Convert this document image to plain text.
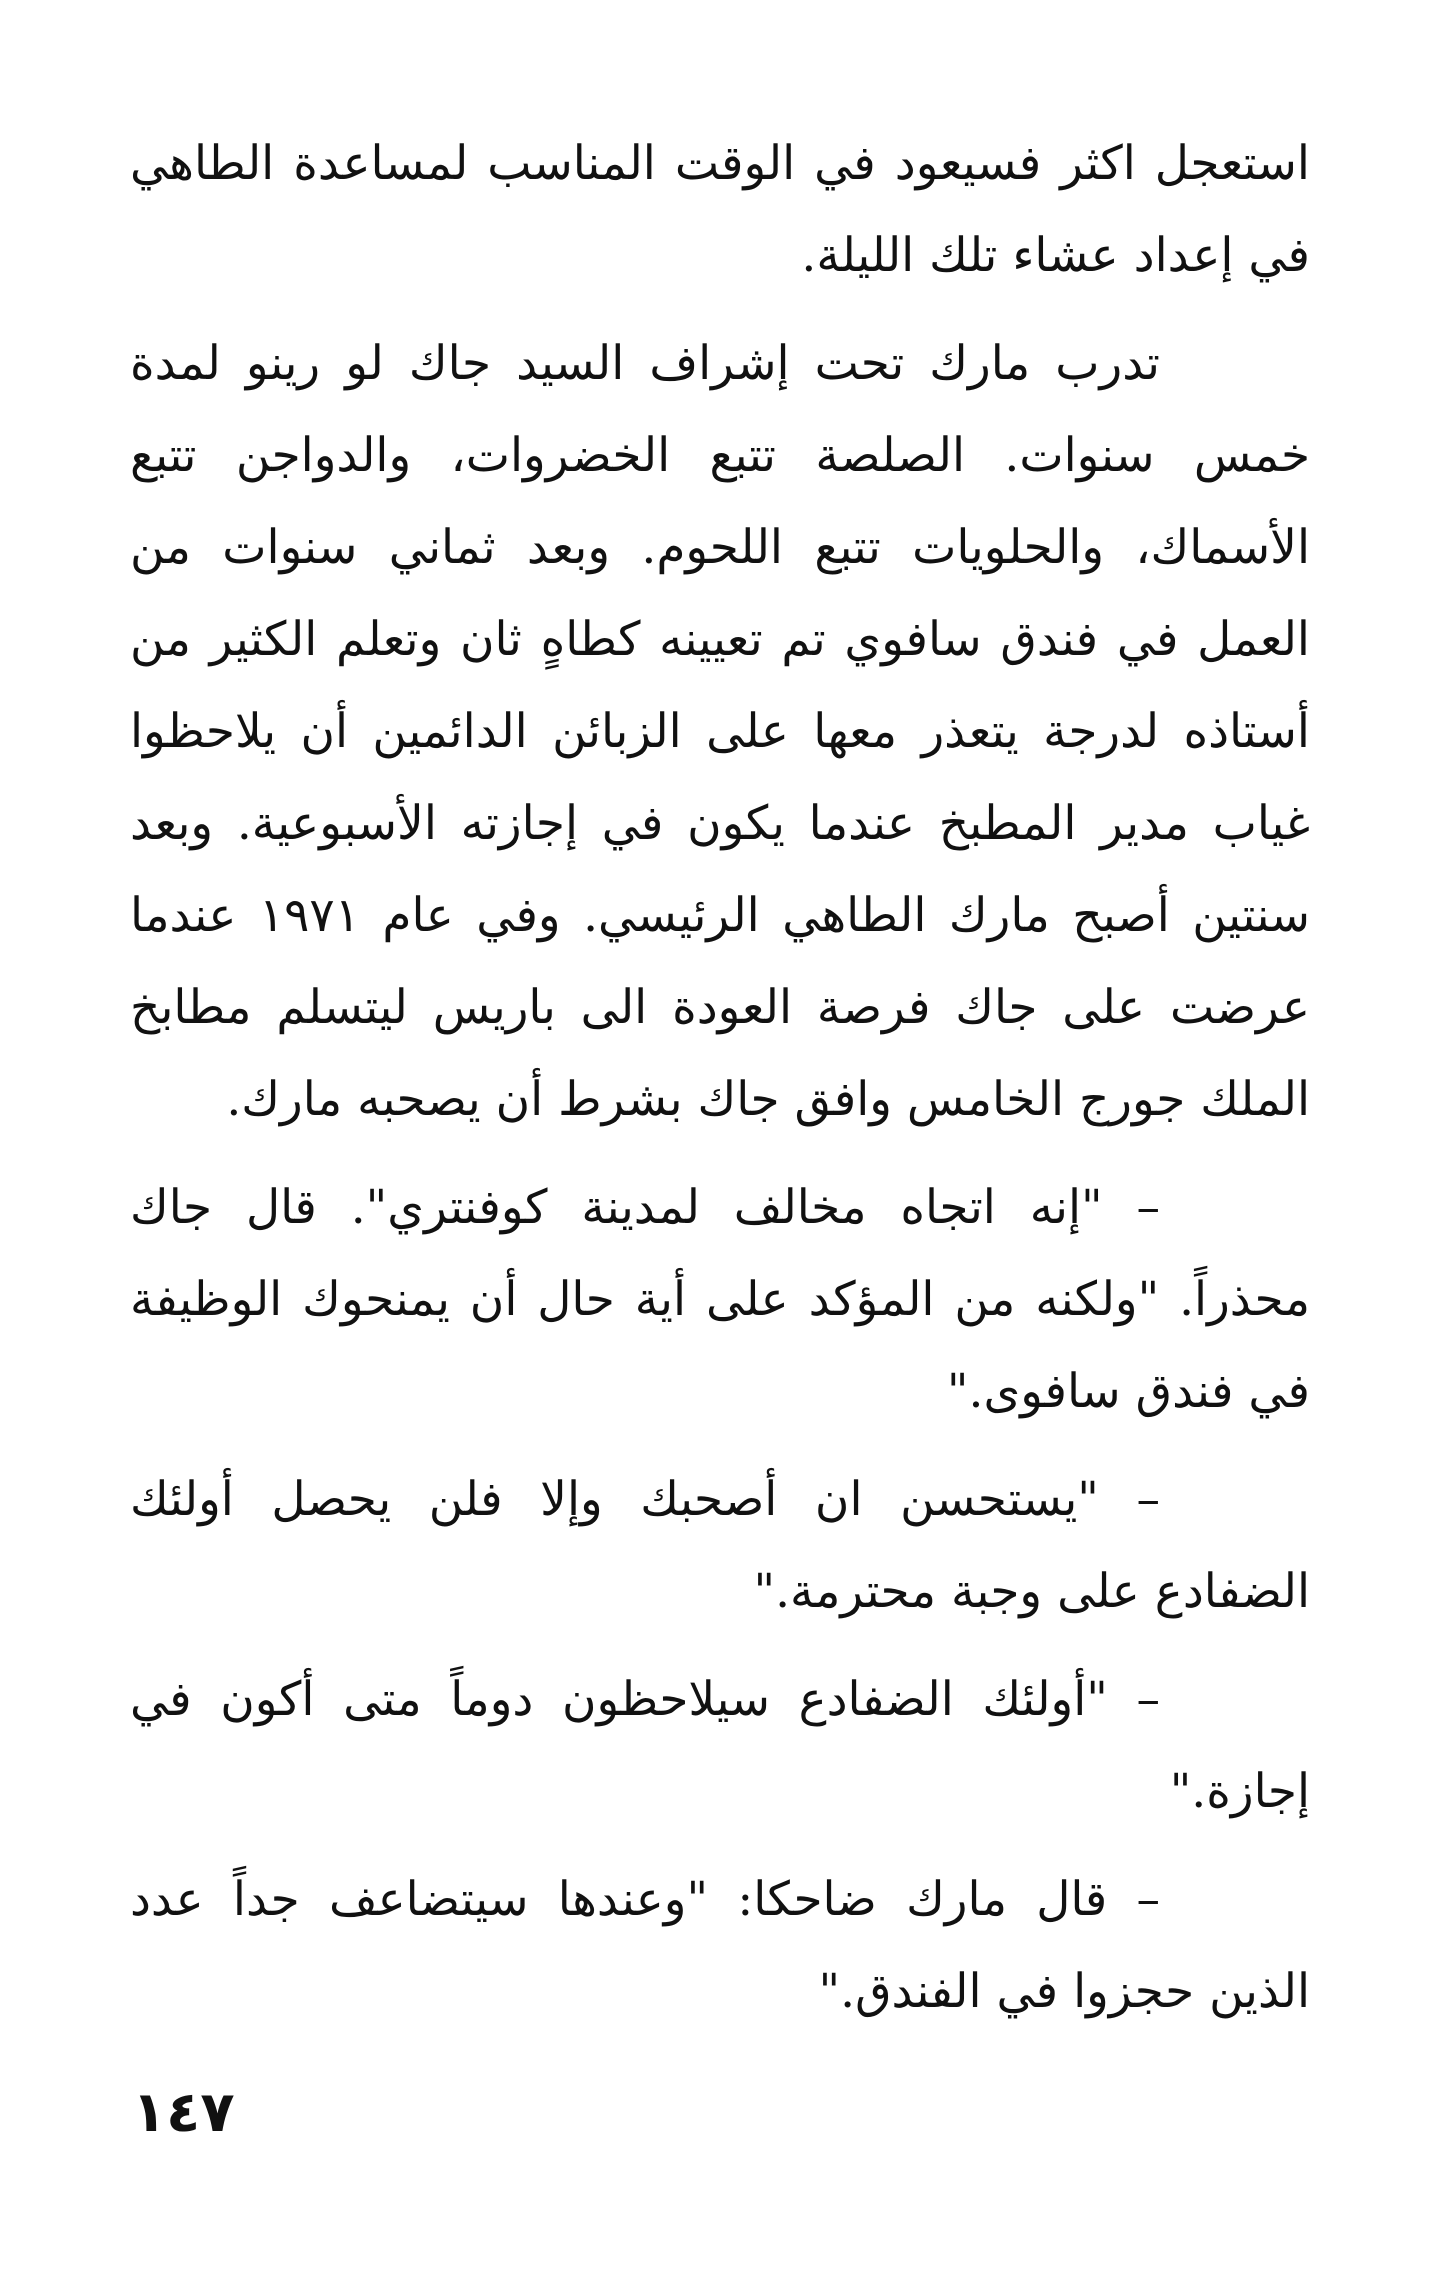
استعجل اكثر فسيعود في الوقت المناسب لمساعدة الطاهي في إعداد عشاء تلك الليلة.

تدرب مارك تحت إشراف السيد جاك لو رينو لمدة خمس سنوات. الصلصة تتبع الخضروات، والدواجن تتبع الأسماك، والحلويات تتبع اللحوم. وبعد ثماني سنوات من العمل في فندق سافوي تم تعيينه كطاهٍ ثان وتعلم الكثير من أستاذه لدرجة يتعذر معها على الزبائن الدائمين أن يلاحظوا غياب مدير المطبخ عندما يكون في إجازته الأسبوعية. وبعد سنتين أصبح مارك الطاهي الرئيسي. وفي عام ١٩٧١ عندما عرضت على جاك فرصة العودة الى باريس ليتسلم مطابخ الملك جورج الخامس وافق جاك بشرط أن يصحبه مارك.

– "إنه اتجاه مخالف لمدينة كوفنتري". قال جاك محذراً. "ولكنه من المؤكد على أية حال أن يمنحوك الوظيفة في فندق سافوى."

– "يستحسن ان أصحبك وإلا فلن يحصل أولئك الضفادع على وجبة محترمة."

– "أولئك الضفادع سيلاحظون دوماً متى أكون في إجازة."

– قال مارك ضاحكا: "وعندها سيتضاعف جداً عدد الذين حجزوا في الفندق."

١٤٧
